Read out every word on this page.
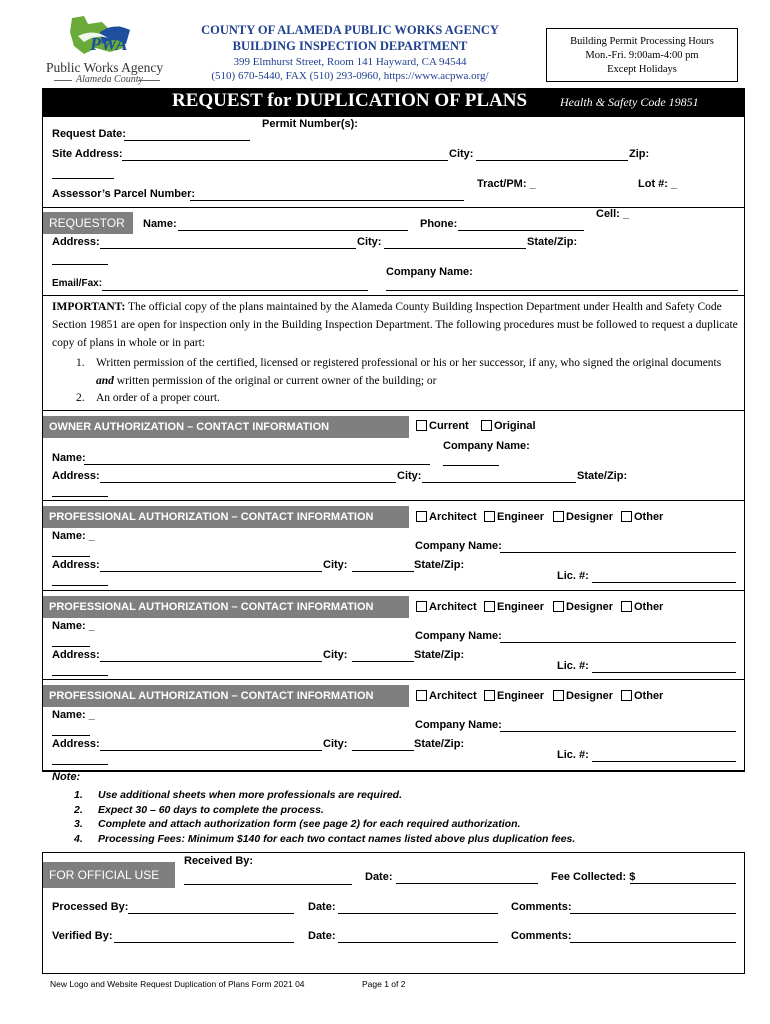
PWA
Public Works Agency
Alameda County
COUNTY OF ALAMEDA PUBLIC WORKS AGENCY
BUILDING INSPECTION DEPARTMENT
399 Elmhurst Street, Room 141 Hayward, CA 94544
(510) 670-5440, FAX (510) 293-0960, https://www.acpwa.org/
Building Permit Processing Hours
Mon.-Fri. 9:00am-4:00 pm
Except Holidays
REQUEST for DUPLICATION OF PLANS	Health & Safety Code 19851
Request Date:
Permit Number(s):
Site Address:	City:	Zip:
Tract/PM: _	Lot #: _
Assessor’s Parcel Number:
REQUESTOR	Name:	Phone:
Cell: _
Address:	City:	State/Zip:
Company Name:
Email/Fax:
IMPORTANT: The official copy of the plans maintained by the Alameda County Building Inspection Department under Health and Safety Code Section 19851 are open for inspection only in the Building Inspection Department. The following procedures must be followed to request a duplicate copy of plans in whole or in part:
1. Written permission of the certified, licensed or registered professional or his or her successor, if any, who signed the original documents and written permission of the original or current owner of the building; or
2. An order of a proper court.
OWNER AUTHORIZATION – CONTACT INFORMATION	Current	Original
Company Name:
Name:
Address:	City:	State/Zip:
PROFESSIONAL AUTHORIZATION – CONTACT INFORMATION	Architect	Engineer	Designer	Other
Name: _
Company Name:
Address:	City:	State/Zip:
Lic. #:
PROFESSIONAL AUTHORIZATION – CONTACT INFORMATION	Architect	Engineer	Designer	Other
Name: _
Company Name:
Address:	City:	State/Zip:
Lic. #:
PROFESSIONAL AUTHORIZATION – CONTACT INFORMATION	Architect	Engineer	Designer	Other
Name: _
Company Name:
Address:	City:	State/Zip:
Lic. #:
Note:
1.	Use additional sheets when more professionals are required.
2.	Expect 30 – 60 days to complete the process.
3.	Complete and attach authorization form (see page 2) for each required authorization.
4.	Processing Fees: Minimum $140 for each two contact names listed above plus duplication fees.
FOR OFFICIAL USE
Received By:
Date:	Fee Collected: $
Processed By:	Date:	Comments:
Verified By:	Date:	Comments:
New Logo and Website Request Duplication of Plans Form 2021 04	Page 1 of 2
